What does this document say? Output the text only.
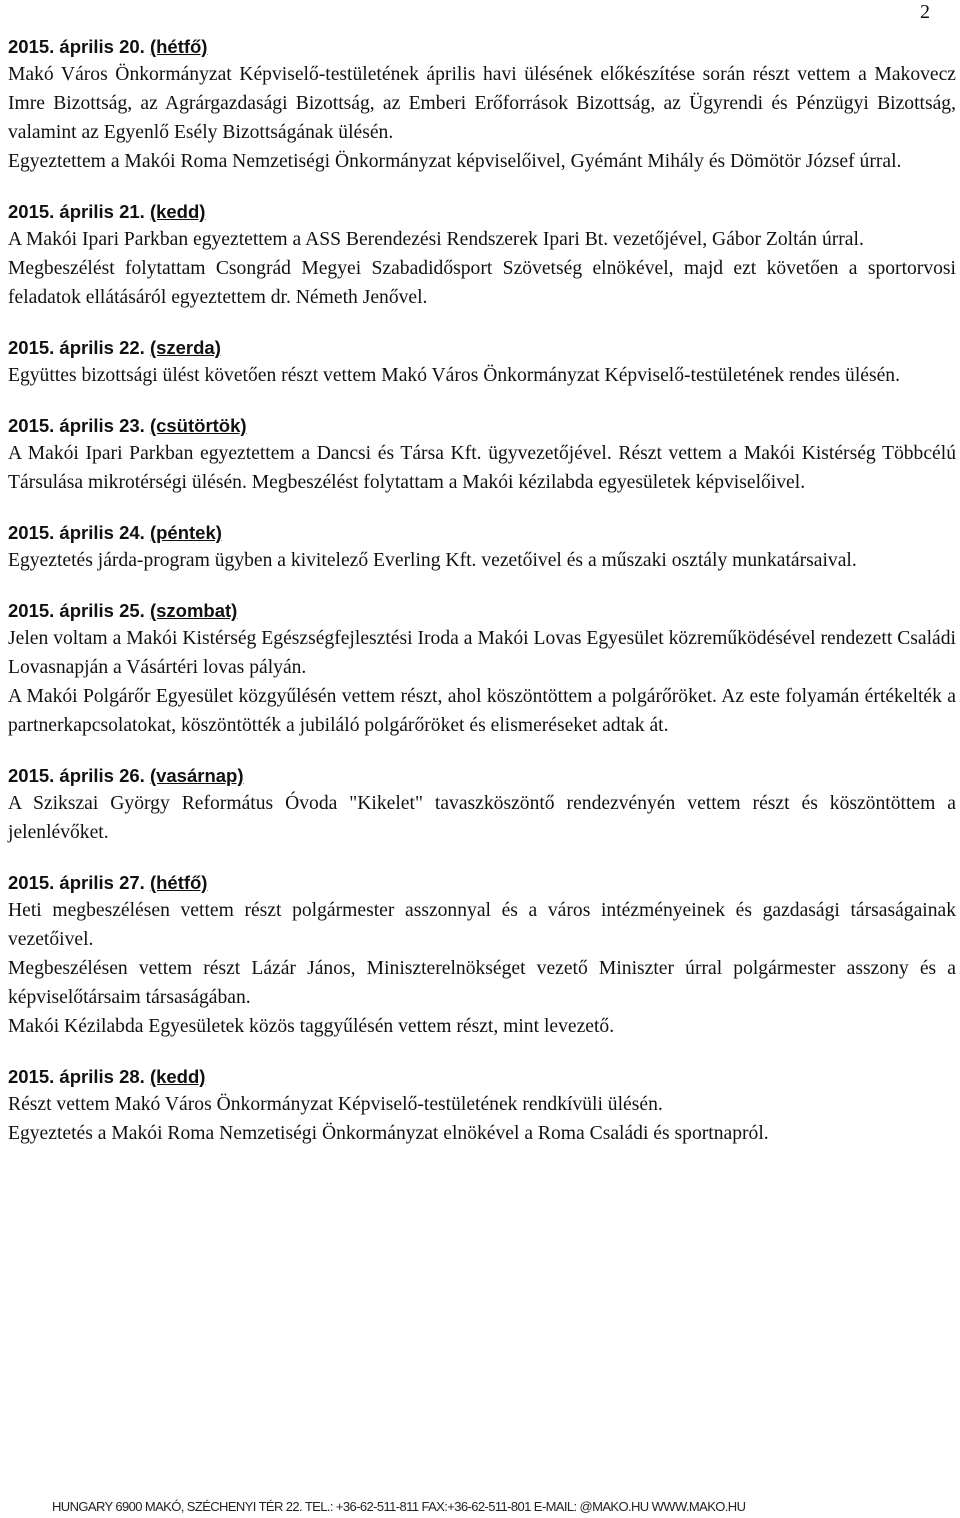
2
2015. április 20. (hétfő)

Makó Város Önkormányzat Képviselő-testületének április havi ülésének előkészítése során részt vettem a Makovecz Imre Bizottság, az Agrárgazdasági Bizottság, az Emberi Erőforrások Bizottság, az Ügyrendi és Pénzügyi Bizottság, valamint az Egyenlő Esély Bizottságának ülésén.

Egyeztettem a Makói Roma Nemzetiségi Önkormányzat képviselőivel, Gyémánt Mihály és Dömötör József úrral.

2015. április 21. (kedd)

A Makói Ipari Parkban egyeztettem a ASS Berendezési Rendszerek Ipari Bt. vezetőjével, Gábor Zoltán úrral.

Megbeszélést folytattam Csongrád Megyei Szabadidősport Szövetség elnökével, majd ezt követően a sportorvosi feladatok ellátásáról egyeztettem dr. Németh Jenővel.

2015. április 22. (szerda)

Együttes bizottsági ülést követően részt vettem Makó Város Önkormányzat Képviselő-testületének rendes ülésén.

2015. április 23. (csütörtök)

A Makói Ipari Parkban egyeztettem a Dancsi és Társa Kft. ügyvezetőjével. Részt vettem a Makói Kistérség Többcélú Társulása mikrotérségi ülésén. Megbeszélést folytattam a Makói kézilabda egyesületek képviselőivel.

2015. április 24. (péntek)

Egyeztetés járda-program ügyben a kivitelező Everling Kft. vezetőivel és a műszaki osztály munkatársaival.

2015. április 25. (szombat)

Jelen voltam a Makói Kistérség Egészségfejlesztési Iroda a Makói Lovas Egyesület közreműködésével rendezett Családi Lovasnapján a Vásártéri lovas pályán.

A Makói Polgárőr Egyesület közgyűlésén vettem részt, ahol köszöntöttem a polgárőröket. Az este folyamán értékelték a partnerkapcsolatokat, köszöntötték a jubiláló polgárőröket és elismeréseket adtak át.

2015. április 26. (vasárnap)

A Szikszai György Református Óvoda "Kikelet" tavaszköszöntő rendezvényén vettem részt és köszöntöttem a jelenlévőket.

2015. április 27. (hétfő)

Heti megbeszélésen vettem részt polgármester asszonnyal és a város intézményeinek és gazdasági társaságainak vezetőivel.

Megbeszélésen vettem részt Lázár János, Miniszterelnökséget vezető Miniszter úrral polgármester asszony és a képviselőtársaim társaságában.

Makói Kézilabda Egyesületek közös taggyűlésén vettem részt, mint levezető.

2015. április 28. (kedd)

Részt vettem Makó Város Önkormányzat Képviselő-testületének rendkívüli ülésén.

Egyeztetés a Makói Roma Nemzetiségi Önkormányzat elnökével a Roma Családi és sportnapról.

HUNGARY 6900 MAKÓ, SZÉCHENYI TÉR 22. TEL.: +36-62-511-811 FAX:+36-62-511-801 E-MAIL: @MAKO.HU WWW.MAKO.HU
